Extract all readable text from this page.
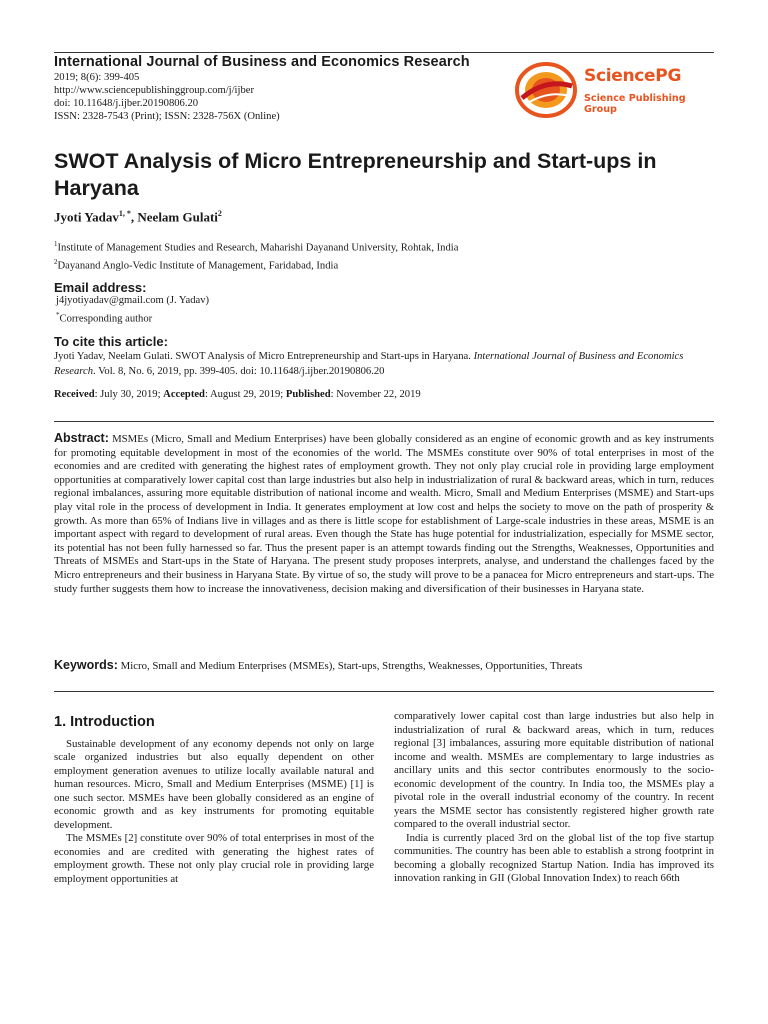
International Journal of Business and Economics Research
2019; 8(6): 399-405
http://www.sciencepublishinggroup.com/j/ijber
doi: 10.11648/j.ijber.20190806.20
ISSN: 2328-7543 (Print); ISSN: 2328-756X (Online)
SciencePG
Science Publishing Group
SWOT Analysis of Micro Entrepreneurship and Start-ups in Haryana
Jyoti Yadav$^{1, *}$, Neelam Gulati$^2$
$^1$Institute of Management Studies and Research, Maharishi Dayanand University, Rohtak, India
$^2$Dayanand Anglo-Vedic Institute of Management, Faridabad, India
Email address:
j4jyotiyadav@gmail.com (J. Yadav)
*Corresponding author
To cite this article:
Jyoti Yadav, Neelam Gulati. SWOT Analysis of Micro Entrepreneurship and Start-ups in Haryana. International Journal of Business and Economics Research. Vol. 8, No. 6, 2019, pp. 399-405. doi: 10.11648/j.ijber.20190806.20
Received: July 30, 2019; Accepted: August 29, 2019; Published: November 22, 2019
Abstract: MSMEs (Micro, Small and Medium Enterprises) have been globally considered as an engine of economic growth and as key instruments for promoting equitable development in most of the economies of the world. The MSMEs constitute over 90% of total enterprises in most of the economies and are credited with generating the highest rates of employment growth. They not only play crucial role in providing large employment opportunities at comparatively lower capital cost than large industries but also help in industrialization of rural & backward areas, which in turn, reduces regional imbalances, assuring more equitable distribution of national income and wealth. Micro, Small and Medium Enterprises (MSME) and Start-ups play vital role in the process of development in India. It generates employment at low cost and helps the society to move on the path of prosperity & growth. As more than 65% of Indians live in villages and as there is little scope for establishment of Large-scale industries in these areas, MSME is an important aspect with regard to development of rural areas. Even though the State has huge potential for industrialization, especially for MSME sector, its potential has not been fully harnessed so far. Thus the present paper is an attempt towards finding out the Strengths, Weaknesses, Opportunities and Threats of MSMEs and Start-ups in the State of Haryana. The present study proposes interprets, analyse, and understand the challenges faced by the Micro entrepreneurs and their business in Haryana State. By virtue of so, the study will prove to be a panacea for Micro entrepreneurs and start-ups. The study further suggests them how to increase the innovativeness, decision making and diversification of their businesses in Haryana state.
Keywords: Micro, Small and Medium Enterprises (MSMEs), Start-ups, Strengths, Weaknesses, Opportunities, Threats
1. Introduction

Sustainable development of any economy depends not only on large scale organized industries but also equally dependent on other employment generation avenues to utilize locally available natural and human resources. Micro, Small and Medium Enterprises (MSME) [1] is one such sector. MSMEs have been globally considered as an engine of economic growth and as key instruments for promoting equitable development.

The MSMEs [2] constitute over 90% of total enterprises in most of the economies and are credited with generating the highest rates of employment growth. These not only play crucial role in providing large employment opportunities at

comparatively lower capital cost than large industries but also help in industrialization of rural & backward areas, which in turn, reduces regional [3] imbalances, assuring more equitable distribution of national income and wealth. MSMEs are complementary to large industries as ancillary units and this sector contributes enormously to the socio-economic development of the country. In India too, the MSMEs play a pivotal role in the overall industrial economy of the country. In recent years the MSME sector has consistently registered higher growth rate compared to the overall industrial sector.

India is currently placed 3rd on the global list of the top five startup communities. The country has been able to establish a strong footprint in becoming a globally recognized Startup Nation. India has improved its innovation ranking in GII (Global Innovation Index) to reach 66th
